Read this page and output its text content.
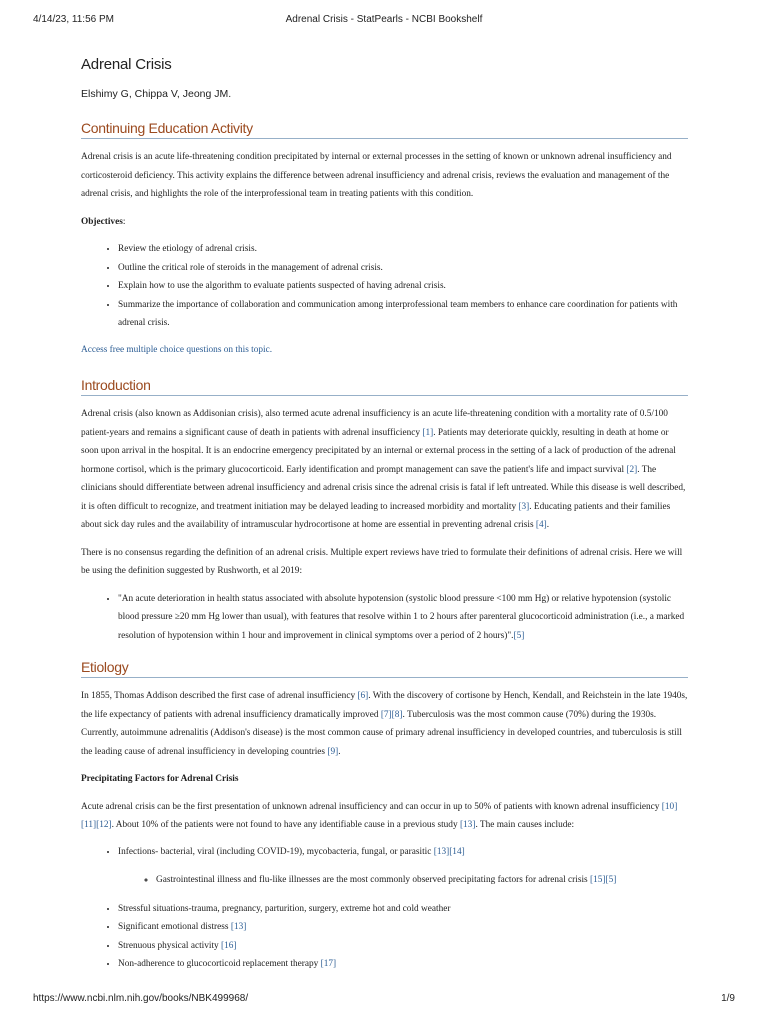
4/14/23, 11:56 PM	Adrenal Crisis - StatPearls - NCBI Bookshelf
Adrenal Crisis
Elshimy G, Chippa V, Jeong JM.
Continuing Education Activity

Adrenal crisis is an acute life-threatening condition precipitated by internal or external processes in the setting of known or unknown adrenal insufficiency and corticosteroid deficiency. This activity explains the difference between adrenal insufficiency and adrenal crisis, reviews the evaluation and management of the adrenal crisis, and highlights the role of the interprofessional team in treating patients with this condition.

Objectives:

• Review the etiology of adrenal crisis.
• Outline the critical role of steroids in the management of adrenal crisis.
• Explain how to use the algorithm to evaluate patients suspected of having adrenal crisis.
• Summarize the importance of collaboration and communication among interprofessional team members to enhance care coordination for patients with adrenal crisis.

Access free multiple choice questions on this topic.

Introduction

Adrenal crisis (also known as Addisonian crisis), also termed acute adrenal insufficiency is an acute life-threatening condition with a mortality rate of 0.5/100 patient-years and remains a significant cause of death in patients with adrenal insufficiency [1]. Patients may deteriorate quickly, resulting in death at home or soon upon arrival in the hospital. It is an endocrine emergency precipitated by an internal or external process in the setting of a lack of production of the adrenal hormone cortisol, which is the primary glucocorticoid. Early identification and prompt management can save the patient's life and impact survival [2]. The clinicians should differentiate between adrenal insufficiency and adrenal crisis since the adrenal crisis is fatal if left untreated. While this disease is well described, it is often difficult to recognize, and treatment initiation may be delayed leading to increased morbidity and mortality [3]. Educating patients and their families about sick day rules and the availability of intramuscular hydrocortisone at home are essential in preventing adrenal crisis [4].

There is no consensus regarding the definition of an adrenal crisis. Multiple expert reviews have tried to formulate their definitions of adrenal crisis. Here we will be using the definition suggested by Rushworth, et al 2019:

• "An acute deterioration in health status associated with absolute hypotension (systolic blood pressure <100 mm Hg) or relative hypotension (systolic blood pressure ≥20 mm Hg lower than usual), with features that resolve within 1 to 2 hours after parenteral glucocorticoid administration (i.e., a marked resolution of hypotension within 1 hour and improvement in clinical symptoms over a period of 2 hours)".[5]
Etiology

In 1855, Thomas Addison described the first case of adrenal insufficiency [6]. With the discovery of cortisone by Hench, Kendall, and Reichstein in the late 1940s, the life expectancy of patients with adrenal insufficiency dramatically improved [7][8]. Tuberculosis was the most common cause (70%) during the 1930s. Currently, autoimmune adrenalitis (Addison's disease) is the most common cause of primary adrenal insufficiency in developed countries, and tuberculosis is still the leading cause of adrenal insufficiency in developing countries [9].

Precipitating Factors for Adrenal Crisis

Acute adrenal crisis can be the first presentation of unknown adrenal insufficiency and can occur in up to 50% of patients with known adrenal insufficiency [10][11][12]. About 10% of the patients were not found to have any identifiable cause in a previous study [13]. The main causes include:

• Infections- bacterial, viral (including COVID-19), mycobacteria, fungal, or parasitic [13][14]
◦ Gastrointestinal illness and flu-like illnesses are the most commonly observed precipitating factors for adrenal crisis [15][5]
• Stressful situations-trauma, pregnancy, parturition, surgery, extreme hot and cold weather
• Significant emotional distress [13]
• Strenuous physical activity [16]
• Non-adherence to glucocorticoid replacement therapy [17]
https://www.ncbi.nlm.nih.gov/books/NBK499968/	1/9
